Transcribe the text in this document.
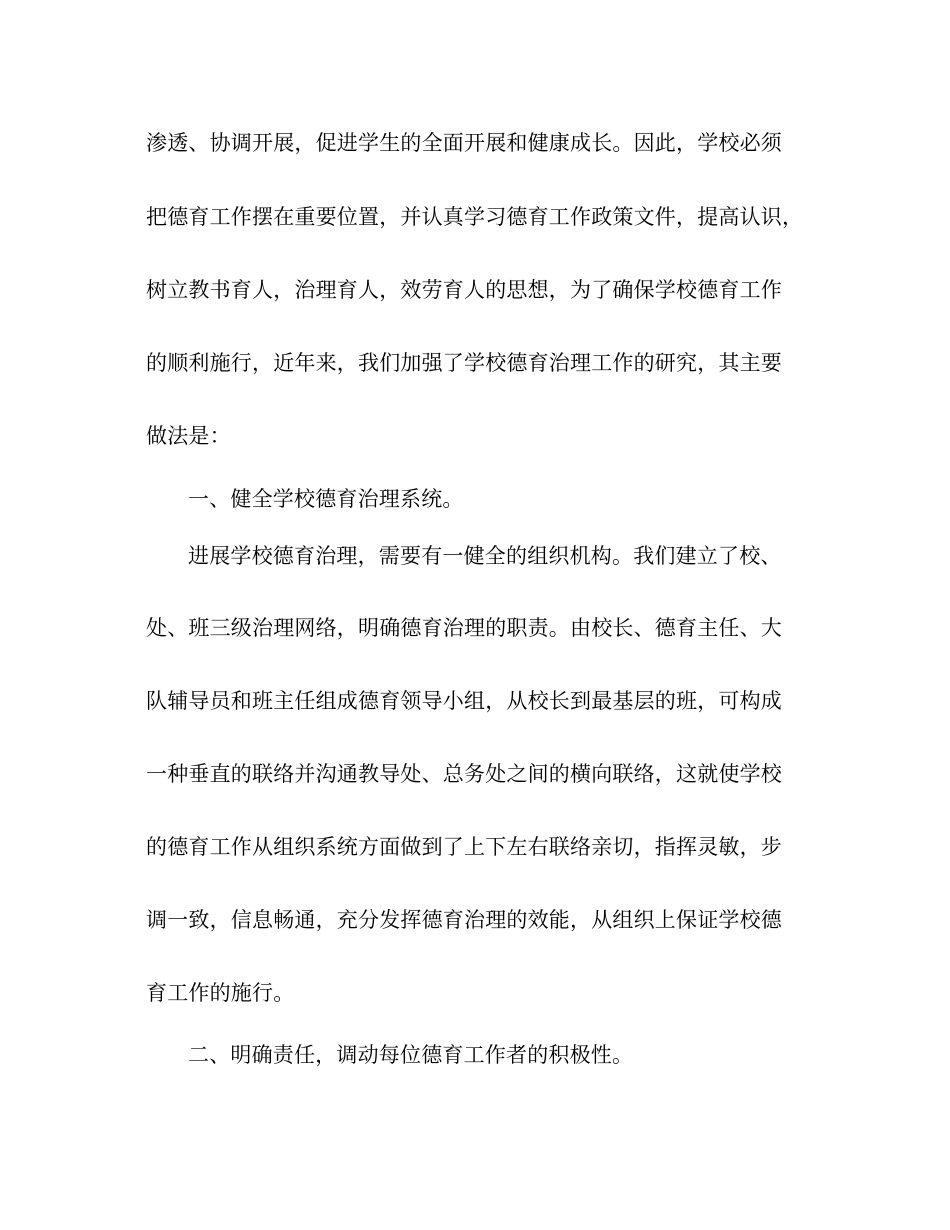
渗透、协调开展，促进学生的全面开展和健康成长。因此，学校必须
把德育工作摆在重要位置，并认真学习德育工作政策文件，提高认识，
树立教书育人，治理育人，效劳育人的思想，为了确保学校德育工作
的顺利施行，近年来，我们加强了学校德育治理工作的研究，其主要
做法是：
一、健全学校德育治理系统。
进展学校德育治理，需要有一健全的组织机构。我们建立了校、
处、班三级治理网络，明确德育治理的职责。由校长、德育主任、大
队辅导员和班主任组成德育领导小组，从校长到最基层的班，可构成
一种垂直的联络并沟通教导处、总务处之间的横向联络，这就使学校
的德育工作从组织系统方面做到了上下左右联络亲切，指挥灵敏，步
调一致，信息畅通，充分发挥德育治理的效能，从组织上保证学校德
育工作的施行。
二、明确责任，调动每位德育工作者的积极性。
